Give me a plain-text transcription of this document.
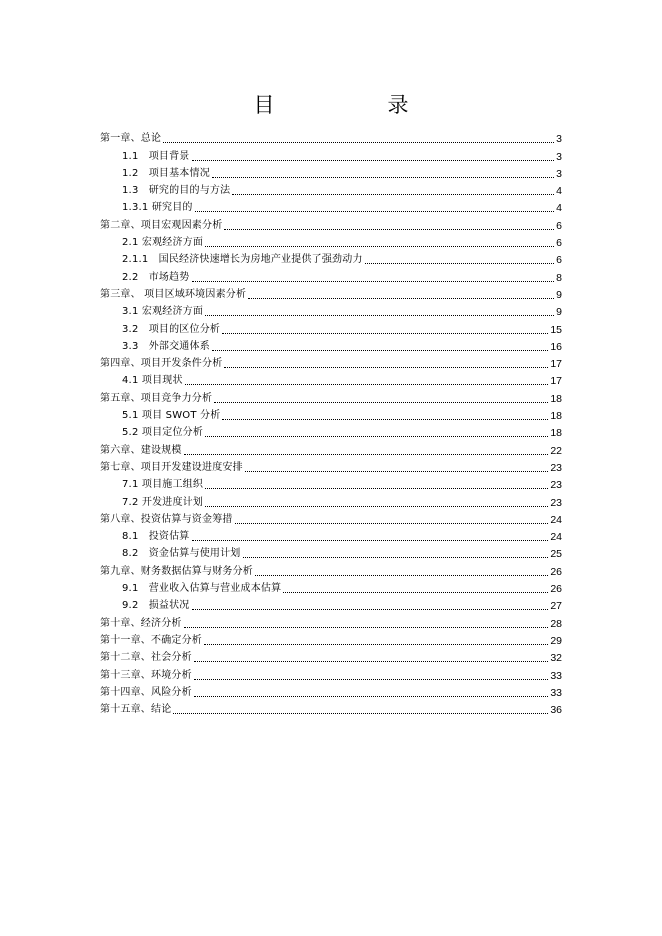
目　录
第一章、总论	3
1.1　项目背景	3
1.2　项目基本情况	3
1.3　研究的目的与方法	4
1.3.1 研究目的	4
第二章、项目宏观因素分析	6
2.1 宏观经济方面	6
2.1.1　国民经济快速增长为房地产业提供了强劲动力	6
2.2　市场趋势	8
第三章、 项目区域环境因素分析	9
3.1 宏观经济方面	9
3.2　项目的区位分析	15
3.3　外部交通体系	16
第四章、项目开发条件分析	17
4.1 项目现状	17
第五章、项目竞争力分析	18
5.1 项目 SWOT 分析	18
5.2 项目定位分析	18
第六章、建设规模	22
第七章、项目开发建设进度安排	23
7.1 项目施工组织	23
7.2 开发进度计划	23
第八章、投资估算与资金筹措	24
8.1　投资估算	24
8.2　资金估算与使用计划	25
第九章、财务数据估算与财务分析	26
9.1　营业收入估算与营业成本估算	26
9.2　损益状况	27
第十章、经济分析	28
第十一章、不确定分析	29
第十二章、社会分析	32
第十三章、环境分析	33
第十四章、风险分析	33
第十五章、结论	36
